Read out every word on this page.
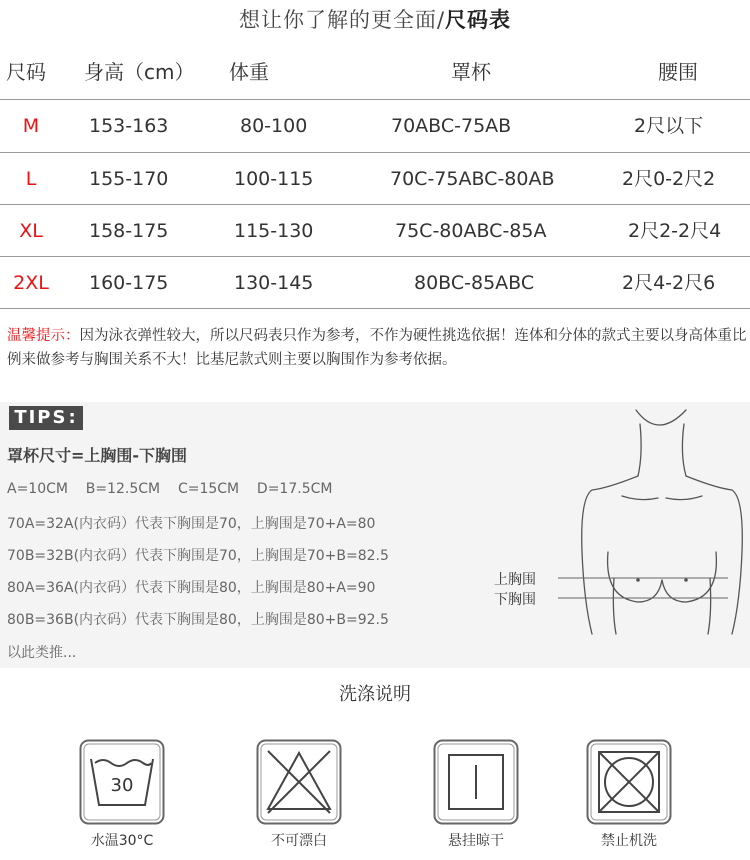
想让你了解的更全面/尺码表
尺码 身高（cm） 体重	罩杯	腰围
M	153-163	80-100	70ABC-75AB	2尺以下
L	155-170	100-115	70C-75ABC-80AB	2尺0-2尺2
XL	158-175	115-130	75C-80ABC-85A	2尺2-2尺4
2XL 160-175	130-145	80BC-85ABC	2尺4-2尺6
温馨提示：因为泳衣弹性较大，所以尺码表只作为参考，不作为硬性挑选依据！连体和分体的款式主要以身高体重比例来做参考与胸围关系不大！比基尼款式则主要以胸围作为参考依据。
TIPS:
罩杯尺寸=上胸围-下胸围
A=10CM    B=12.5CM    C=15CM    D=17.5CM
70A=32A(内衣码）代表下胸围是70，上胸围是70+A=80
70B=32B(内衣码）代表下胸围是70，上胸围是70+B=82.5
80A=36A(内衣码）代表下胸围是80，上胸围是80+A=90
80B=36B(内衣码）代表下胸围是80，上胸围是80+B=92.5
以此类推...
上胸围
下胸围
洗涤说明
30
水温30°C	不可漂白	悬挂晾干	禁止机洗
